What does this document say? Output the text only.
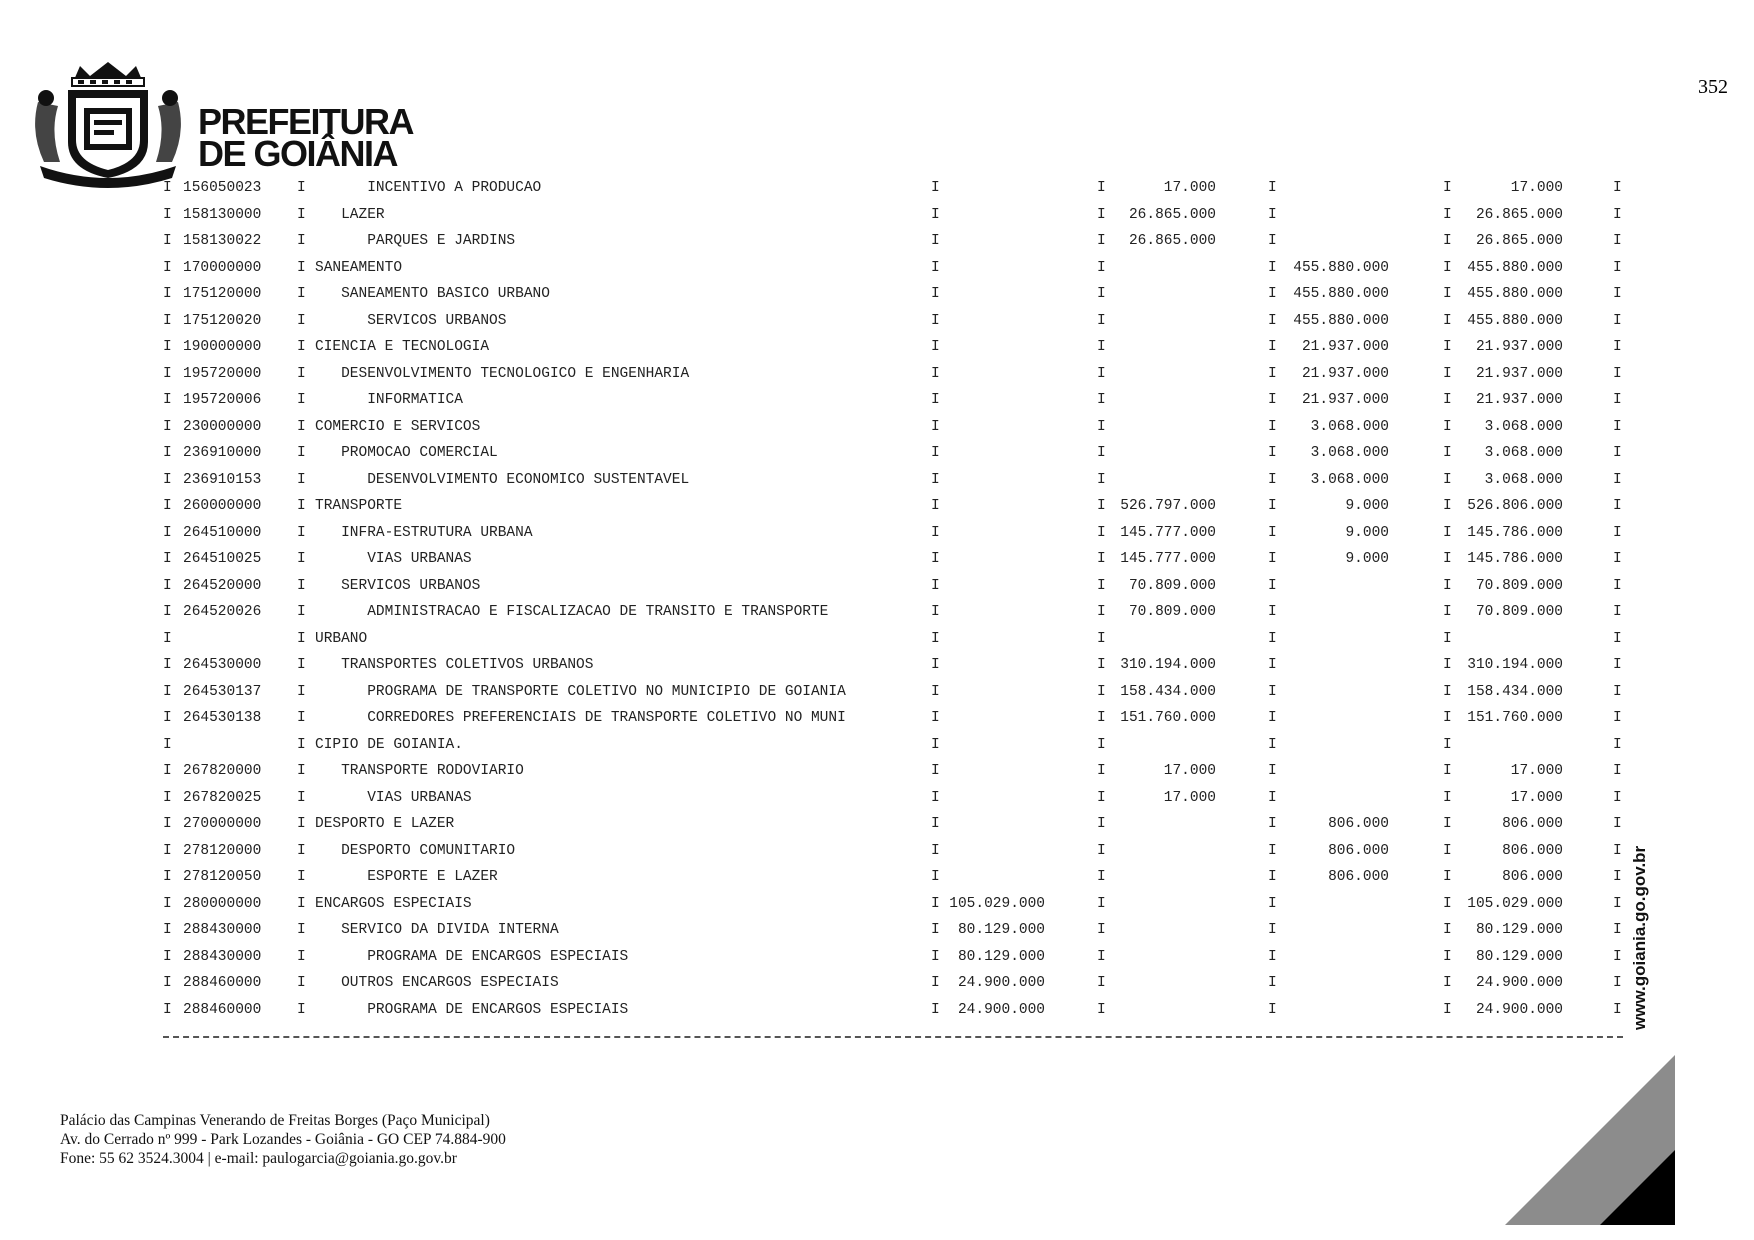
352
PREFEITURA
DE GOIÂNIA
I 156050023 I INCENTIVO A PRODUCAO	I	I	17.000	I	I	17.000	I
I 158130000 I LAZER	I	I 26.865.000	I	I 26.865.000	I
I 158130022 I PARQUES E JARDINS	I	I 26.865.000	I	I 26.865.000	I
I 170000000 I SANEAMENTO	I	I	I 455.880.000	I 455.880.000	I
I 175120000 I SANEAMENTO BASICO URBANO	I	I	I 455.880.000	I 455.880.000	I
I 175120020 I SERVICOS URBANOS	I	I	I 455.880.000	I 455.880.000	I
I 190000000 I CIENCIA E TECNOLOGIA	I	I	I 21.937.000	I 21.937.000	I
I 195720000 I DESENVOLVIMENTO TECNOLOGICO E ENGENHARIA	I	I	I 21.937.000	I 21.937.000	I
I 195720006 I INFORMATICA	I	I	I 21.937.000	I 21.937.000	I
I 230000000 I COMERCIO E SERVICOS	I	I	I 3.068.000	I 3.068.000	I
I 236910000 I PROMOCAO COMERCIAL	I	I	I 3.068.000	I 3.068.000	I
I 236910153 I DESENVOLVIMENTO ECONOMICO SUSTENTAVEL	I	I	I 3.068.000	I 3.068.000	I
I 260000000 I TRANSPORTE	I	I 526.797.000	I	9.000	I 526.806.000	I
I 264510000 I INFRA-ESTRUTURA URBANA	I	I 145.777.000	I	9.000	I 145.786.000	I
I 264510025 I VIAS URBANAS	I	I 145.777.000	I	9.000	I 145.786.000	I
I 264520000 I SERVICOS URBANOS	I	I 70.809.000	I	I 70.809.000	I
I 264520026 I ADMINISTRACAO E FISCALIZACAO DE TRANSITO E TRANSPORTE	I	I 70.809.000	I	I 70.809.000	I
I	I URBANO	I	I	I	I	I
I 264530000 I TRANSPORTES COLETIVOS URBANOS	I	I 310.194.000	I	I 310.194.000	I
I 264530137 I PROGRAMA DE TRANSPORTE COLETIVO NO MUNICIPIO DE GOIANIA	I	I 158.434.000	I	I 158.434.000	I
I 264530138 I CORREDORES PREFERENCIAIS DE TRANSPORTE COLETIVO NO MUNI	I	I 151.760.000	I	I 151.760.000	I
I	I CIPIO DE GOIANIA.	I	I	I	I	I
I 267820000 I TRANSPORTE RODOVIARIO	I	I	17.000	I	I	17.000	I
I 267820025 I VIAS URBANAS	I	I	17.000	I	I	17.000	I
I 270000000 I DESPORTO E LAZER	I	I	I	806.000	I	806.000	I
I 278120000 I DESPORTO COMUNITARIO	I	I	I	806.000	I	806.000	I
I 278120050 I ESPORTE E LAZER	I	I	I	806.000	I	806.000	I
I 280000000 I ENCARGOS ESPECIAIS	I 105.029.000	I	I	I 105.029.000	I
I 288430000 I SERVICO DA DIVIDA INTERNA	I 80.129.000	I	I	I 80.129.000	I
I 288430000 I PROGRAMA DE ENCARGOS ESPECIAIS	I 80.129.000	I	I	I 80.129.000	I
I 288460000 I OUTROS ENCARGOS ESPECIAIS	I 24.900.000	I	I	I 24.900.000	I
I 288460000 I PROGRAMA DE ENCARGOS ESPECIAIS	I 24.900.000	I	I	I 24.900.000	I
Palácio das Campinas Venerando de Freitas Borges (Paço Municipal)
Av. do Cerrado nº 999 - Park Lozandes - Goiânia - GO CEP 74.884-900
Fone: 55 62 3524.3004 | e-mail: paulogarcia@goiania.go.gov.br
www.goiania.go.gov.br
